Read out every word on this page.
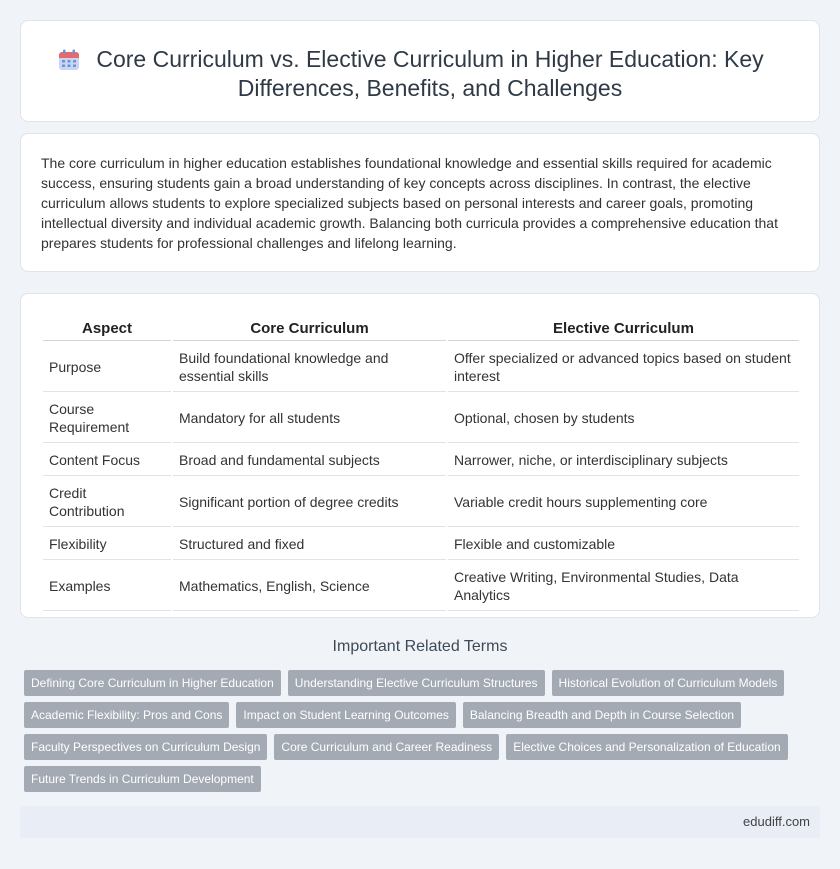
Core Curriculum vs. Elective Curriculum in Higher Education: Key Differences, Benefits, and Challenges

The core curriculum in higher education establishes foundational knowledge and essential skills required for academic success, ensuring students gain a broad understanding of key concepts across disciplines. In contrast, the elective curriculum allows students to explore specialized subjects based on personal interests and career goals, promoting intellectual diversity and individual academic growth. Balancing both curricula provides a comprehensive education that prepares students for professional challenges and lifelong learning.

Aspect	Core Curriculum	Elective Curriculum
Purpose	Build foundational knowledge and essential skills	Offer specialized or advanced topics based on student interest
Course Requirement	Mandatory for all students	Optional, chosen by students
Content Focus	Broad and fundamental subjects	Narrower, niche, or interdisciplinary subjects
Credit Contribution	Significant portion of degree credits	Variable credit hours supplementing core
Flexibility	Structured and fixed	Flexible and customizable
Examples	Mathematics, English, Science	Creative Writing, Environmental Studies, Data Analytics
Important Related Terms
Defining Core Curriculum in Higher Education	Understanding Elective Curriculum Structures	Historical Evolution of Curriculum Models
Academic Flexibility: Pros and Cons	Impact on Student Learning Outcomes	Balancing Breadth and Depth in Course Selection
Faculty Perspectives on Curriculum Design	Core Curriculum and Career Readiness	Elective Choices and Personalization of Education
Future Trends in Curriculum Development
edudiff.com
